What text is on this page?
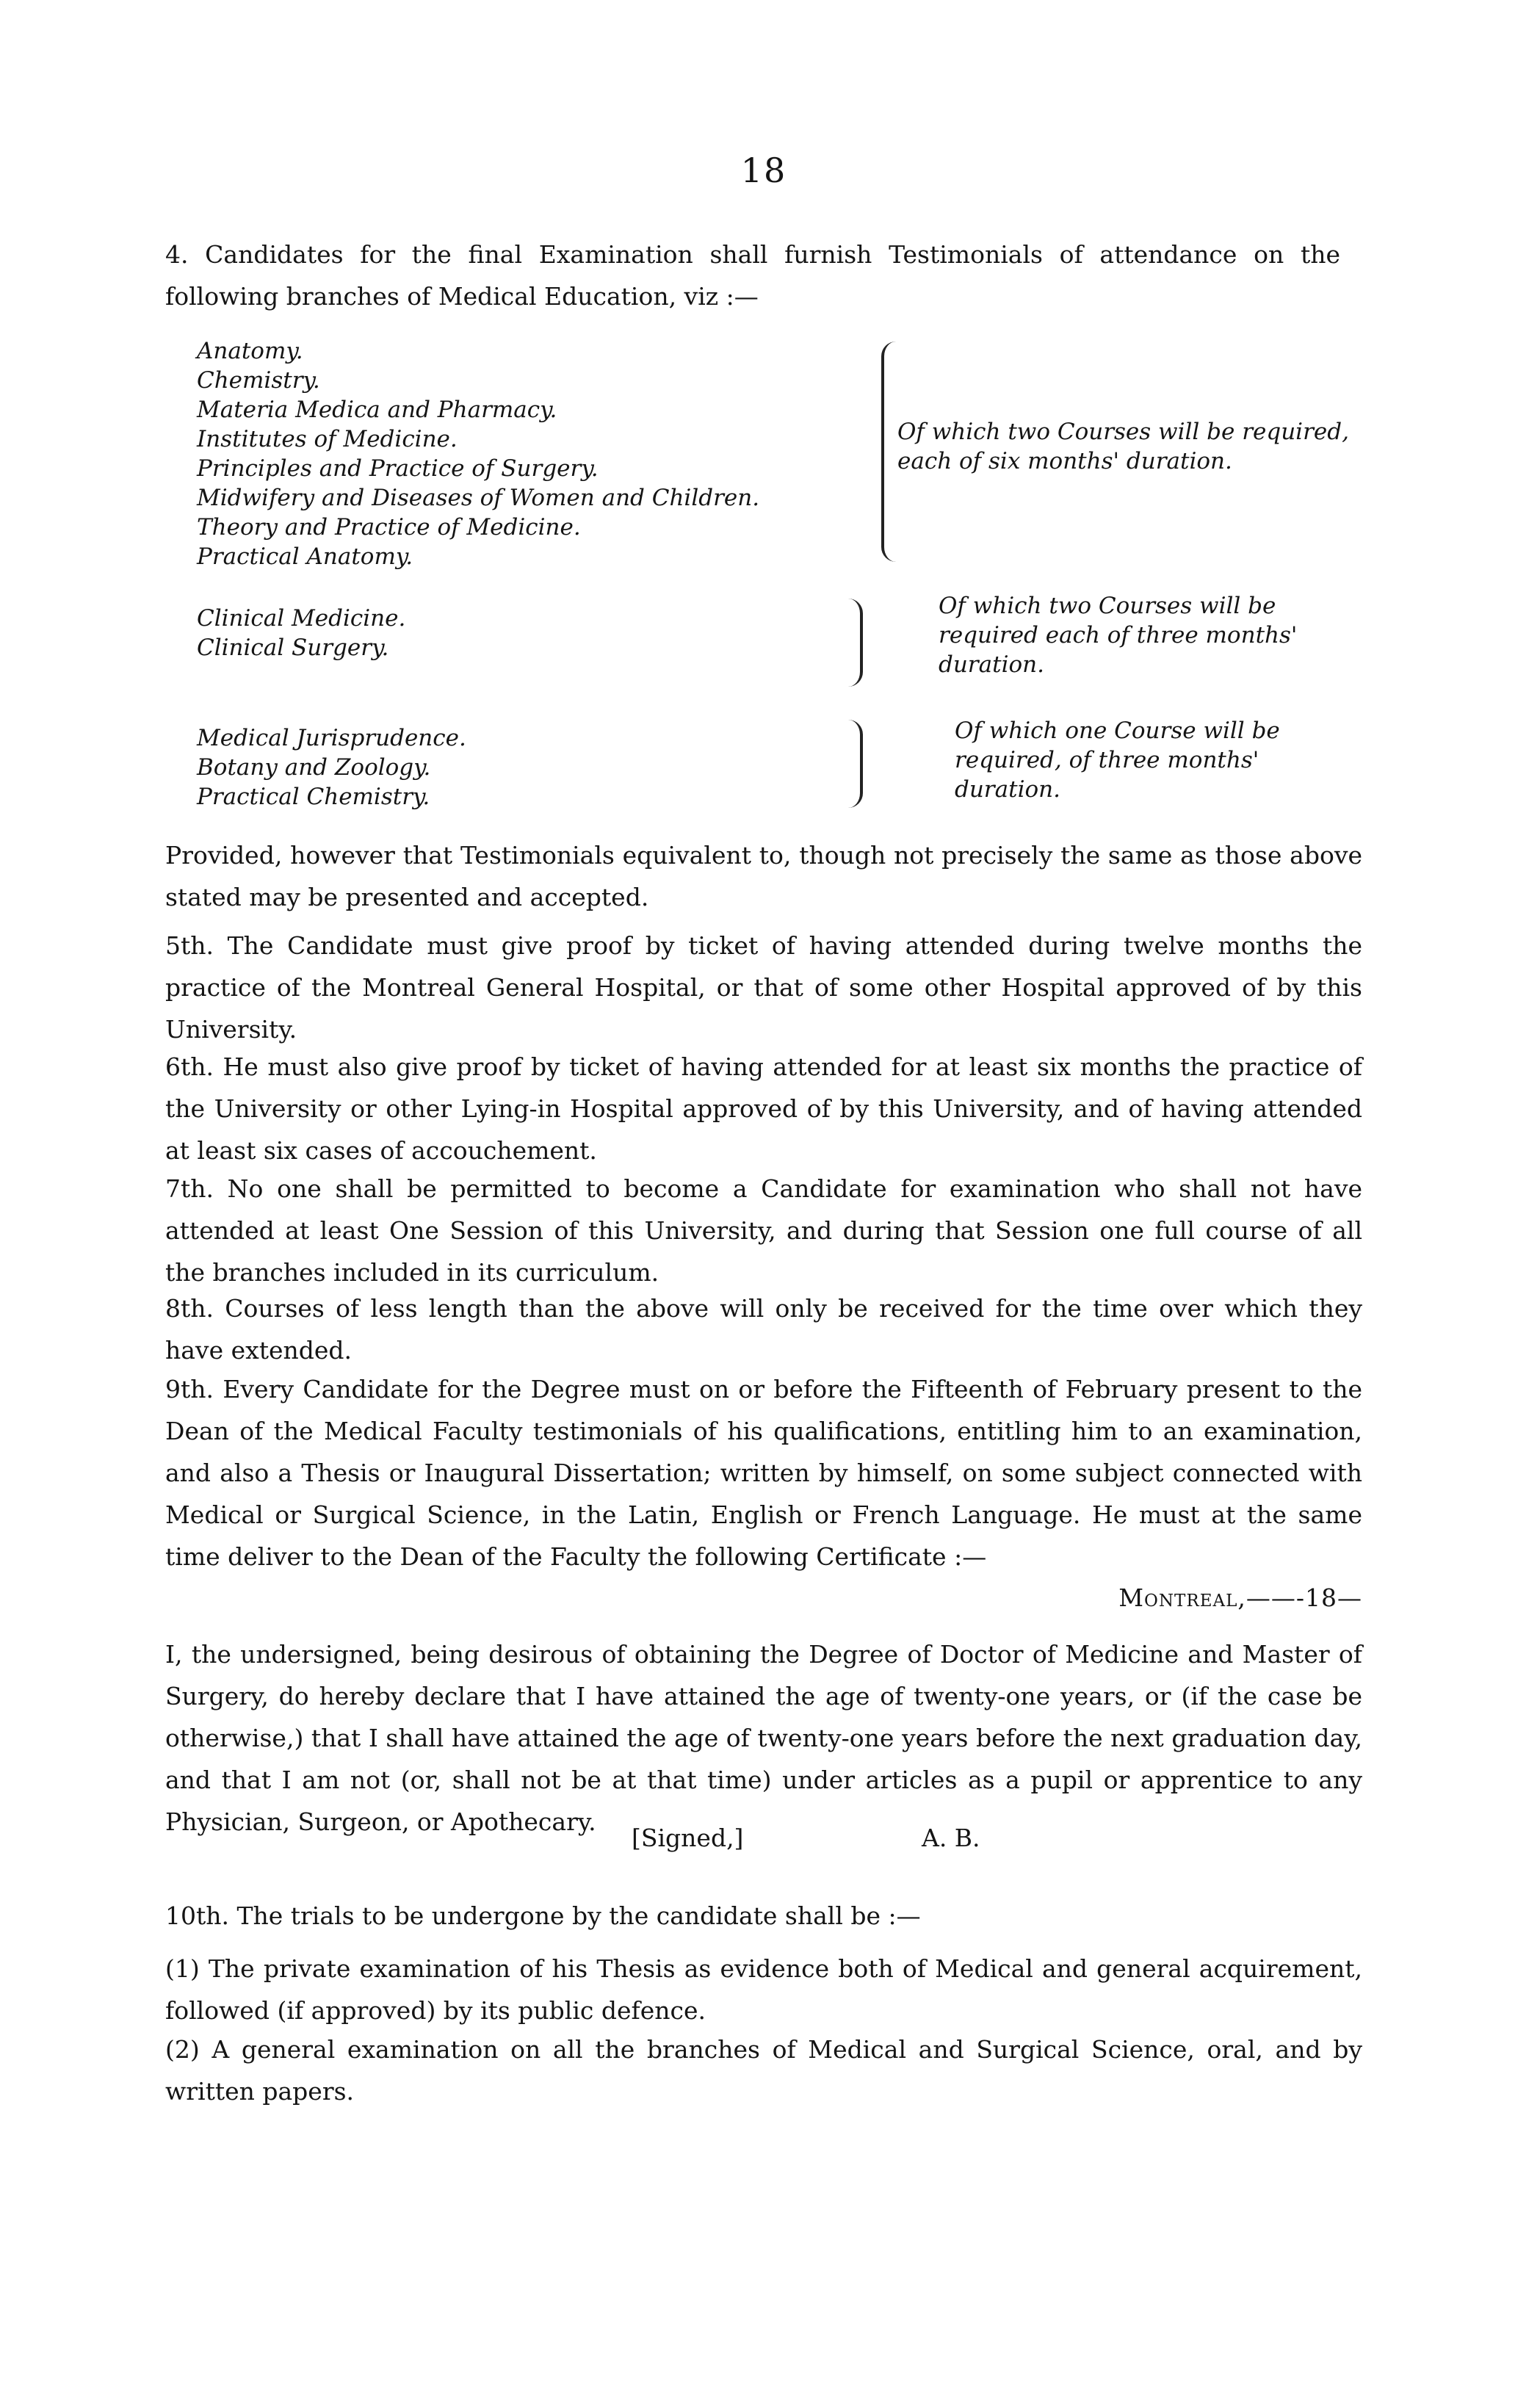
18
4. Candidates for the final Examination shall furnish Testimonials of attendance on the following branches of Medical Education, viz :—
Anatomy.
Chemistry.
Materia Medica and Pharmacy.
Institutes of Medicine.
Principles and Practice of Surgery.
Midwifery and Diseases of Women and Children.
Theory and Practice of Medicine.
Practical Anatomy.
Of which two Courses will be required, each of six months' duration.
Clinical Medicine.
Clinical Surgery.
Of which two Courses will be required each of three months' duration.
Medical Jurisprudence.
Botany and Zoology.
Practical Chemistry.
Of which one Course will be required, of three months' duration.
Provided, however that Testimonials equivalent to, though not precisely the same as those above stated may be presented and accepted.
5th. The Candidate must give proof by ticket of having attended during twelve months the practice of the Montreal General Hospital, or that of some other Hospital approved of by this University.
6th. He must also give proof by ticket of having attended for at least six months the practice of the University or other Lying-in Hospital approved of by this University, and of having attended at least six cases of accouchement.
7th. No one shall be permitted to become a Candidate for examination who shall not have attended at least One Session of this University, and during that Session one full course of all the branches included in its curriculum.
8th. Courses of less length than the above will only be received for the time over which they have extended.
9th. Every Candidate for the Degree must on or before the Fifteenth of February present to the Dean of the Medical Faculty testimonials of his qualifications, entitling him to an examination, and also a Thesis or Inaugural Dissertation; written by himself, on some subject connected with Medical or Surgical Science, in the Latin, English or French Language. He must at the same time deliver to the Dean of the Faculty the following Certificate :—
Montreal,——-18—
I, the undersigned, being desirous of obtaining the Degree of Doctor of Medicine and Master of Surgery, do hereby declare that I have attained the age of twenty-one years, or (if the case be otherwise,) that I shall have attained the age of twenty-one years before the next graduation day, and that I am not (or, shall not be at that time) under articles as a pupil or apprentice to any Physician, Surgeon, or Apothecary.
[Signed,]	A. B.
10th. The trials to be undergone by the candidate shall be :—
(1) The private examination of his Thesis as evidence both of Medical and general acquirement, followed (if approved) by its public defence.
(2) A general examination on all the branches of Medical and Surgical Science, oral, and by written papers.
